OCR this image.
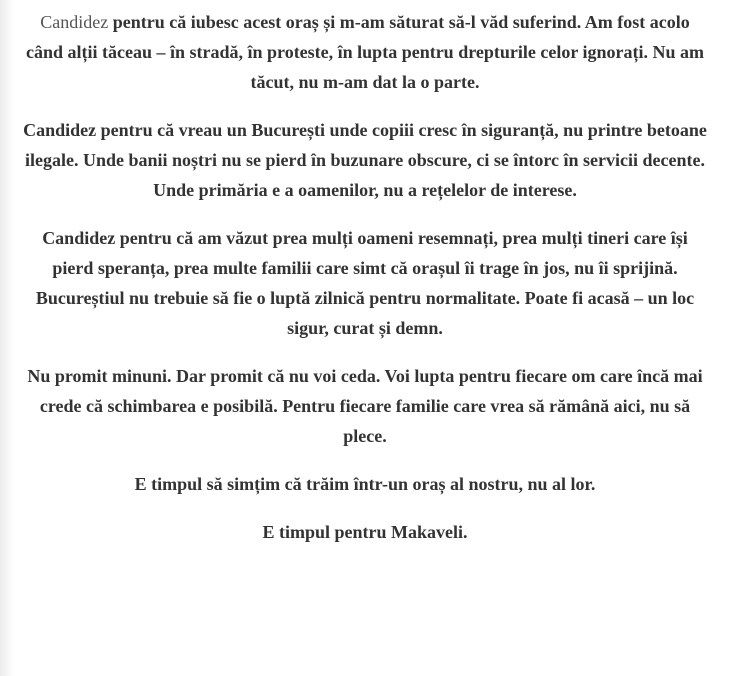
Candidez pentru că iubesc acest oraș și m-am săturat să-l văd suferind. Am fost acolo când alții tăceau – în stradă, în proteste, în lupta pentru drepturile celor ignorați. Nu am tăcut, nu m-am dat la o parte.

Candidez pentru că vreau un București unde copiii cresc în siguranță, nu printre betoane ilegale. Unde banii noștri nu se pierd în buzunare obscure, ci se întorc în servicii decente. Unde primăria e a oamenilor, nu a rețelelor de interese.

Candidez pentru că am văzut prea mulți oameni resemnați, prea mulți tineri care își pierd speranța, prea multe familii care simt că orașul îi trage în jos, nu îi sprijină. Bucureștiul nu trebuie să fie o luptă zilnică pentru normalitate. Poate fi acasă – un loc sigur, curat și demn.

Nu promit minuni. Dar promit că nu voi ceda. Voi lupta pentru fiecare om care încă mai crede că schimbarea e posibilă. Pentru fiecare familie care vrea să rămână aici, nu să plece.

E timpul să simțim că trăim într-un oraș al nostru, nu al lor.

E timpul pentru Makaveli.
